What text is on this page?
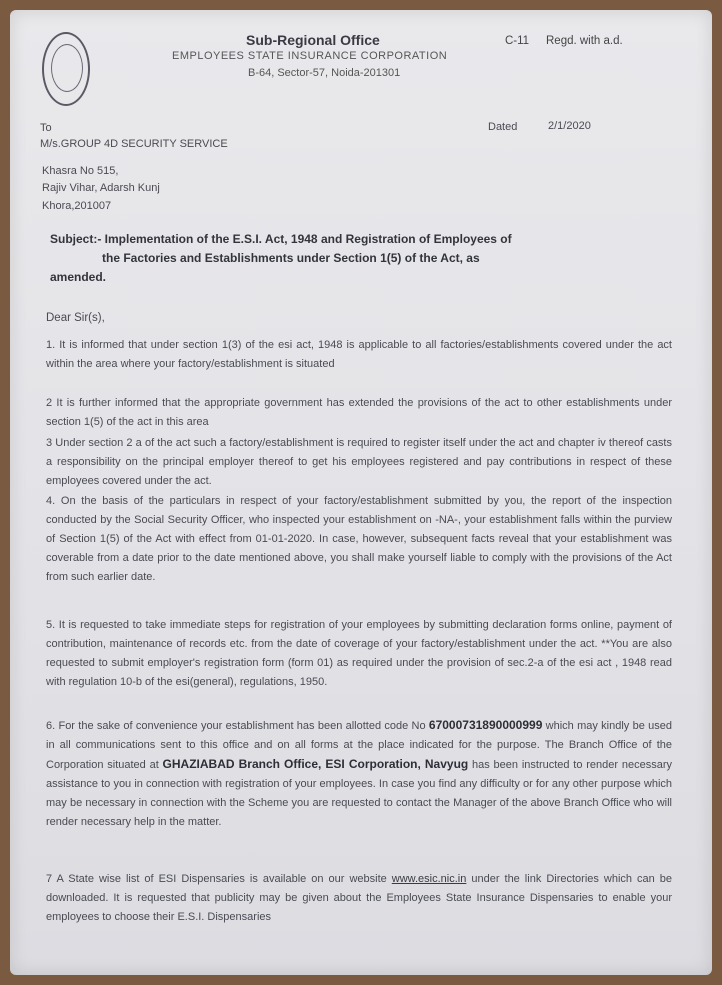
Sub-Regional Office
EMPLOYEES STATE INSURANCE CORPORATION
B-64, Sector-57, Noida-201301
C-11 Regd. with a.d.
To
M/s.GROUP 4D SECURITY SERVICE
Khasra No 515,
Rajiv Vihar, Adarsh Kunj
Khora,201007
Dated	2/1/2020
Subject:- Implementation of the E.S.I. Act, 1948 and Registration of Employees of
the Factories and Establishments under Section 1(5) of the Act, as
amended.
Dear Sir(s),
1. It is informed that under section 1(3) of the esi act, 1948 is applicable to all factories/establishments covered under the act within the area where your factory/establishment is situated
2 It is further informed that the appropriate government has extended the provisions of the act to other establishments under section 1(5) of the act in this area
3 Under section 2 a of the act such a factory/establishment is required to register itself under the act and chapter iv thereof casts a responsibility on the principal employer thereof to get his employees registered and pay contributions in respect of these employees covered under the act.
4. On the basis of the particulars in respect of your factory/establishment submitted by you, the report of the inspection conducted by the Social Security Officer, who inspected your establishment on -NA-, your establishment falls within the purview of Section 1(5) of the Act with effect from 01-01-2020. In case, however, subsequent facts reveal that your establishment was coverable from a date prior to the date mentioned above, you shall make yourself liable to comply with the provisions of the Act from such earlier date.
5. It is requested to take immediate steps for registration of your employees by submitting declaration forms online, payment of contribution, maintenance of records etc. from the date of coverage of your factory/establishment under the act. **You are also requested to submit employer's registration form (form 01) as required under the provision of sec.2-a of the esi act , 1948 read with regulation 10-b of the esi(general), regulations, 1950.
6. For the sake of convenience your establishment has been allotted code No 67000731890000999 which may kindly be used in all communications sent to this office and on all forms at the place indicated for the purpose. The Branch Office of the Corporation situated at GHAZIABAD Branch Office, ESI Corporation, Navyug has been instructed to render necessary assistance to you in connection with registration of your employees. In case you find any difficulty or for any other purpose which may be necessary in connection with the Scheme you are requested to contact the Manager of the above Branch Office who will render necessary help in the matter.
7 A State wise list of ESI Dispensaries is available on our website www.esic.nic.in under the link Directories which can be downloaded. It is requested that publicity may be given about the Employees State Insurance Dispensaries to enable your employees to choose their E.S.I. Dispensaries
